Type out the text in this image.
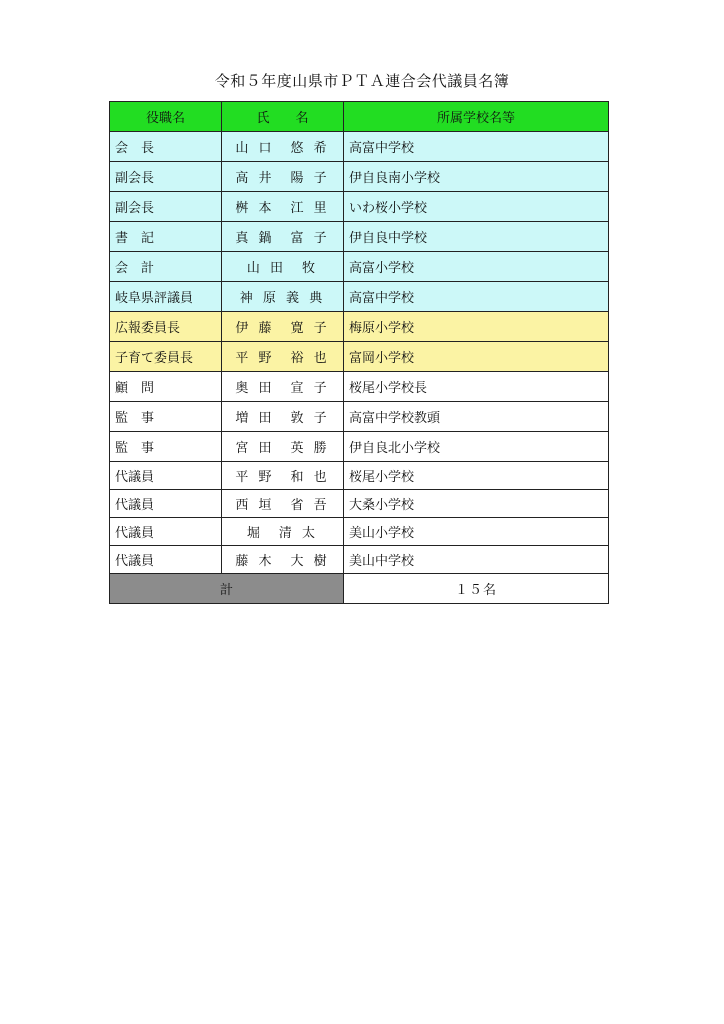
令和５年度山県市ＰＴＡ連合会代議員名簿
役職名	氏　　名	所属学校名等
会　長	山 口　悠 希	高富中学校
副会長	高 井　陽 子	伊自良南小学校
副会長	桝 本　江 里	いわ桜小学校
書　記	真 鍋　富 子	伊自良中学校
会　計	山 田　牧	高富小学校
岐阜県評議員	神 原 義 典	高富中学校
広報委員長	伊 藤　寛 子	梅原小学校
子育て委員長	平 野　裕 也	富岡小学校
顧　問	奥 田　宣 子	桜尾小学校長
監　事	増 田　敦 子	高富中学校教頭
監　事	宮 田　英 勝	伊自良北小学校
代議員	平 野　和 也	桜尾小学校
代議員	西 垣　省 吾	大桑小学校
代議員	堀　清 太	美山小学校
代議員	藤 木　大 樹	美山中学校
計		１５名
